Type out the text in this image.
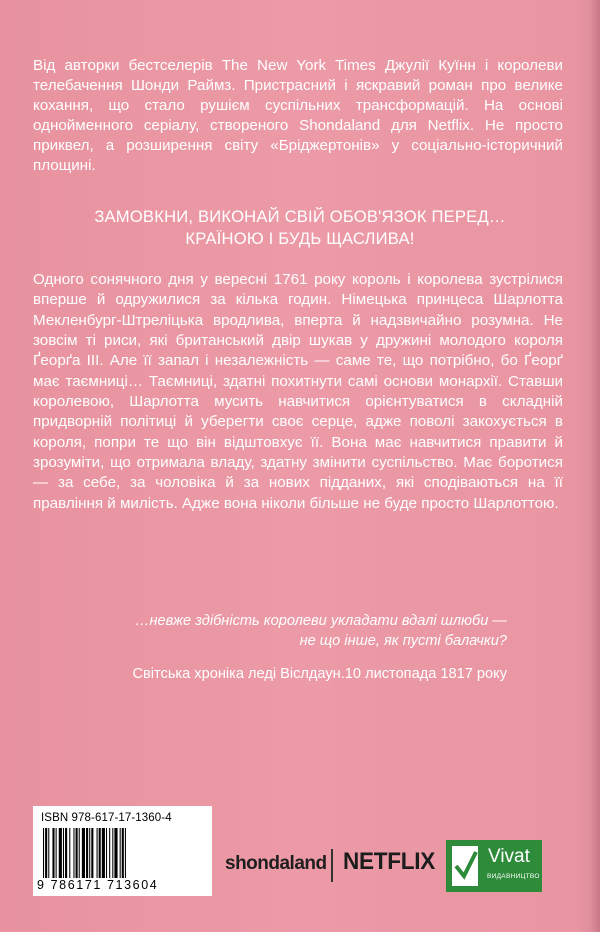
Від авторки бестселерів The New York Times Джулії Куїнн і королеви телебачення Шонди Раймз. Пристрасний і яскравий роман про велике кохання, що стало рушієм суспільних трансформацій. На основі однойменного серіалу, створеного Shondaland для Netflix. Не просто приквел, а розширення світу «Бріджертонів» у соціально-історичний площині.

ЗАМОВКНИ, ВИКОНАЙ СВІЙ ОБОВ'ЯЗОК ПЕРЕД…
КРАЇНОЮ І БУДЬ ЩАСЛИВА!

Одного сонячного дня у вересні 1761 року король і королева зустрілися вперше й одружилися за кілька годин. Німецька принцеса Шарлотта Мекленбург-Штреліцька вродлива, вперта й надзвичайно розумна. Не зовсім ті риси, які британський двір шукав у дружині молодого короля Ґеорґа ІІІ. Але її запал і незалежність — саме те, що потрібно, бо Ґеорґ має таємниці… Таємниці, здатні похитнути самі основи монархії. Ставши королевою, Шарлотта мусить навчитися орієнтуватися в складній придворній політиці й уберегти своє серце, адже поволі закохується в короля, попри те що він відштовхує її. Вона має навчитися правити й зрозуміти, що отримала владу, здатну змінити суспільство. Має боротися — за себе, за чоловіка й за нових підданих, які сподіваються на її правління й милість. Адже вона ніколи більше не буде просто Шарлоттою.

…невже здібність королеви укладати вдалі шлюби —
не що інше, як пусті балачки?
Світська хроніка леді Віслдаун.10 листопада 1817 року
ISBN 978-617-17-1360-4
9 786171 713604
shondaland NETFLIX	Vivat
ВИДАВНИЦТВО
